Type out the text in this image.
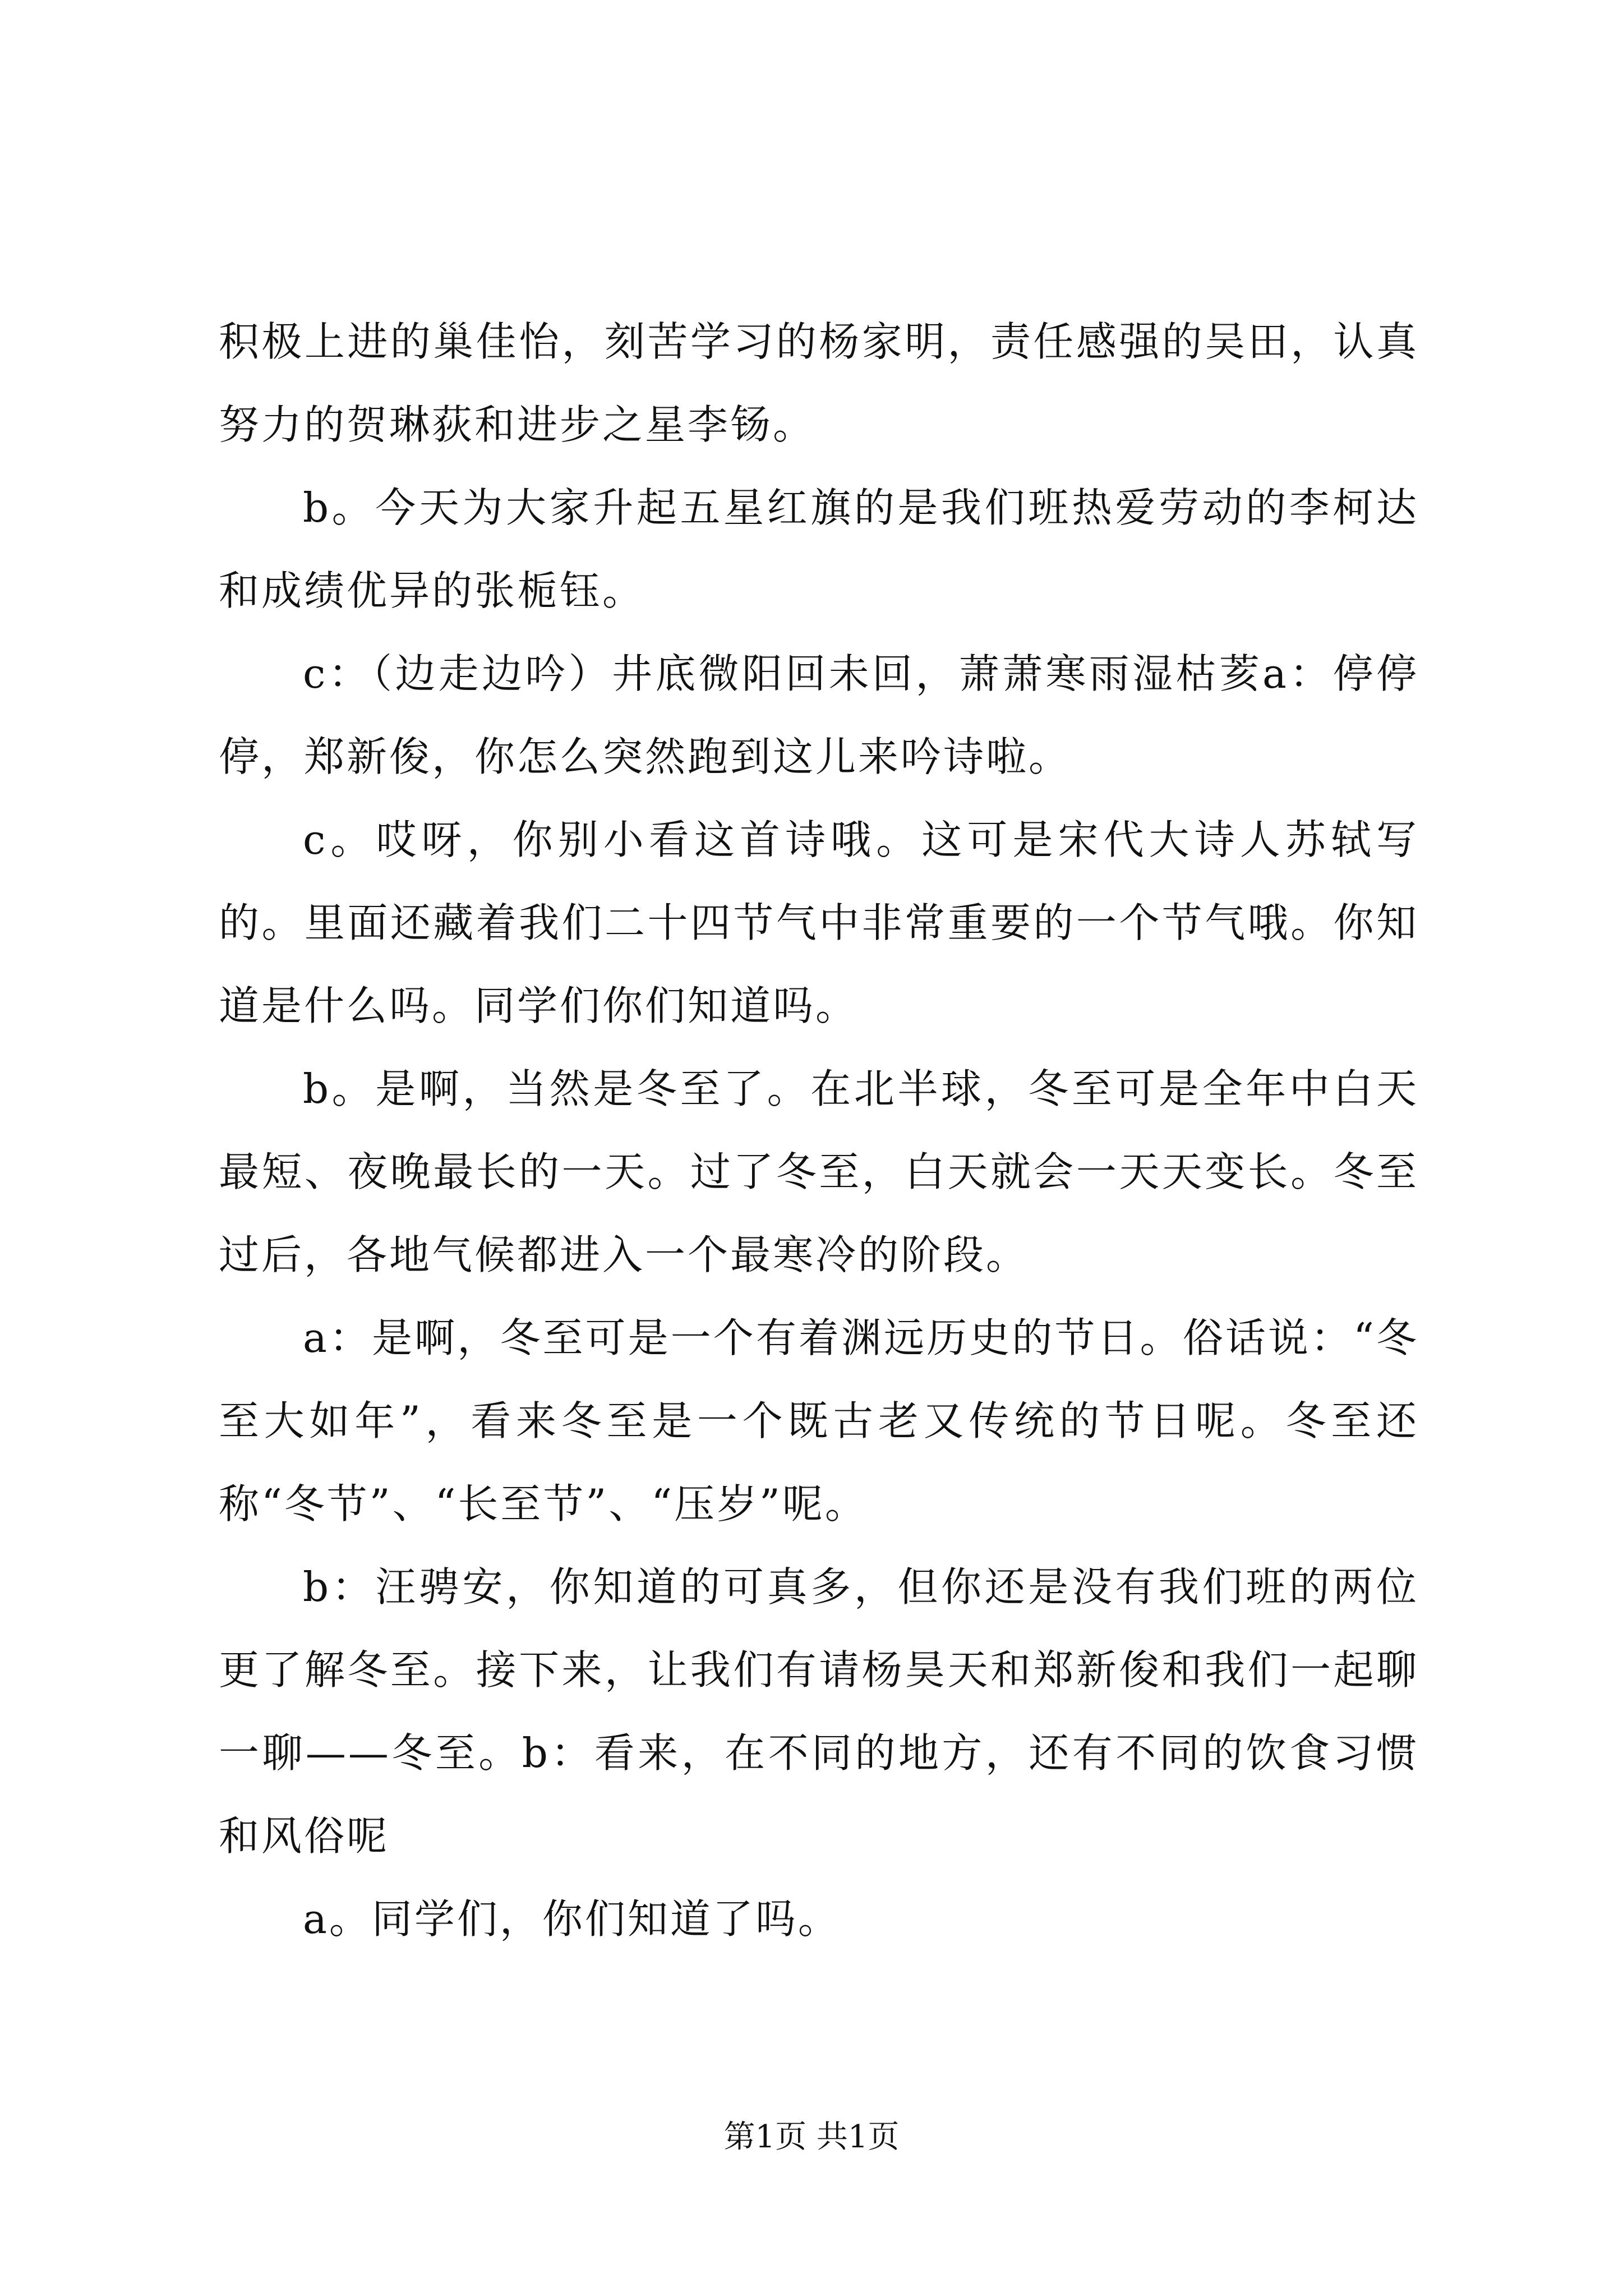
积极上进的巢佳怡，刻苦学习的杨家明，责任感强的吴田，认真努力的贺琳荻和进步之星李钖。

b。今天为大家升起五星红旗的是我们班热爱劳动的李柯达和成绩优异的张栀钰。

c：（边走边吟）井底微阳回未回，萧萧寒雨湿枯荄a：停停停，郑新俊，你怎么突然跑到这儿来吟诗啦。

c。哎呀，你别小看这首诗哦。这可是宋代大诗人苏轼写的。里面还藏着我们二十四节气中非常重要的一个节气哦。你知道是什么吗。同学们你们知道吗。

b。是啊，当然是冬至了。在北半球，冬至可是全年中白天最短、夜晚最长的一天。过了冬至，白天就会一天天变长。冬至过后，各地气候都进入一个最寒冷的阶段。

a：是啊，冬至可是一个有着渊远历史的节日。俗话说：“冬至大如年”，看来冬至是一个既古老又传统的节日呢。冬至还称“冬节”、“长至节”、“压岁”呢。

b：汪骋安，你知道的可真多，但你还是没有我们班的两位更了解冬至。接下来，让我们有请杨昊天和郑新俊和我们一起聊一聊——冬至。b：看来，在不同的地方，还有不同的饮食习惯和风俗呢

a。同学们，你们知道了吗。

第1页 共1页
